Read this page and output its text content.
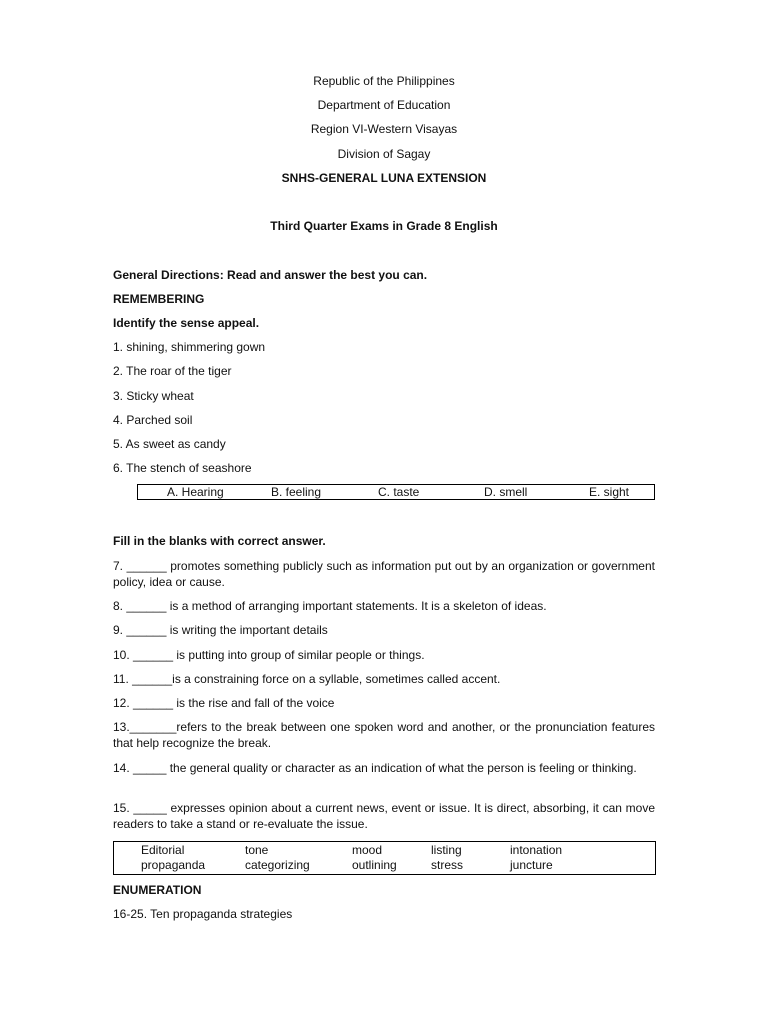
Republic of the Philippines
Department of Education
Region VI-Western Visayas
Division of Sagay
SNHS-GENERAL LUNA EXTENSION
Third Quarter Exams in Grade 8 English
General Directions: Read and answer the best you can.
REMEMBERING
Identify the sense appeal.
1. shining, shimmering gown
2. The roar of the tiger
3. Sticky wheat
4. Parched soil
5. As sweet as candy
6. The stench of seashore
A. Hearing	B. feeling	C. taste	D. smell	E. sight
Fill in the blanks with correct answer.
7. ______ promotes something publicly such as information put out by an organization or government policy, idea or cause.
8. ______ is a method of arranging important statements. It is a skeleton of ideas.
9. ______ is writing the important details
10. ______ is putting into group of similar people or things.
11. ______is a constraining force on a syllable, sometimes called accent.
12. ______ is the rise and fall of the voice
13._______refers to the break between one spoken word and another, or the pronunciation features that help recognize the break.
14. _____ the general quality or character as an indication of what the person is feeling or thinking.
15. _____ expresses opinion about a current news, event or issue. It is direct, absorbing, it can move readers to take a stand or re-evaluate the issue.
Editorial	tone	mood	listing	intonation
propaganda	categorizing	outlining	stress	juncture
ENUMERATION
16-25. Ten propaganda strategies
